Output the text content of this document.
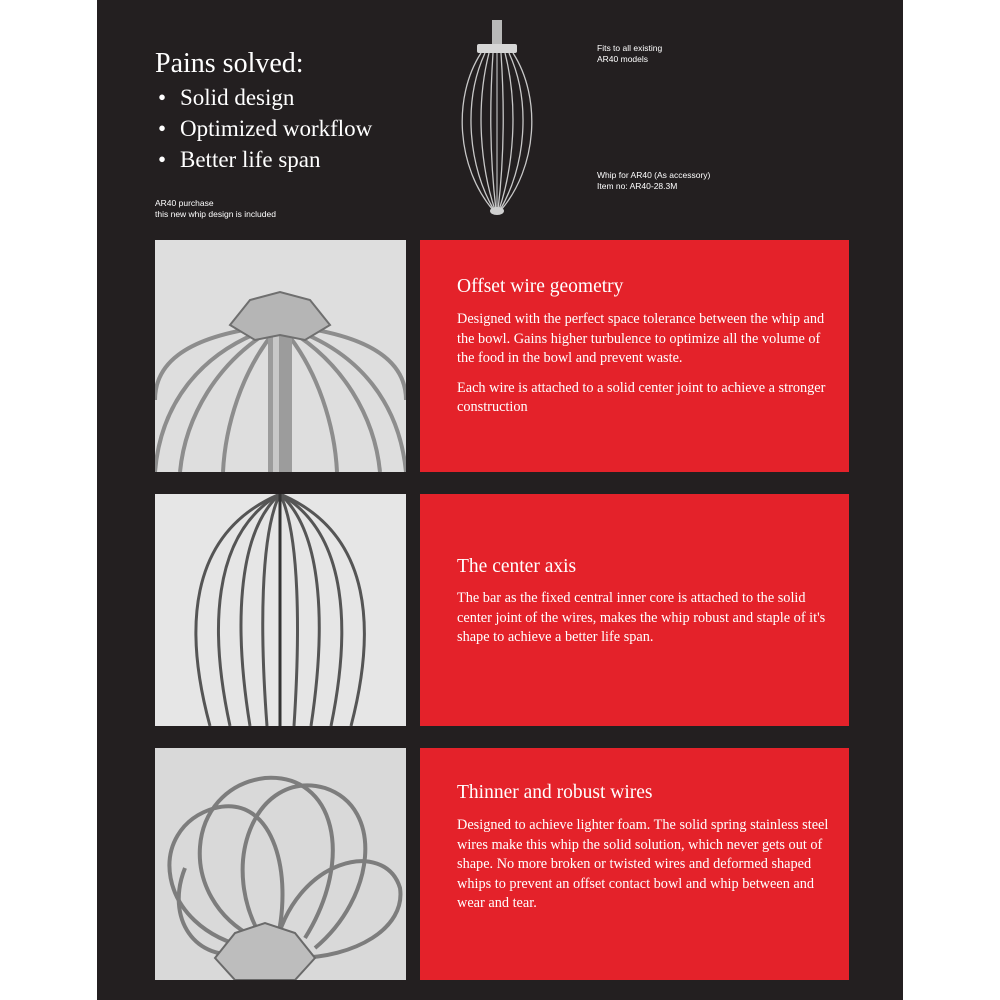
Pains solved:
• Solid design
• Optimized workflow
• Better life span
AR40 purchase
this new whip design is included
Fits to all existing
AR40 models
Whip for AR40 (As accessory)
Item no: AR40-28.3M
Offset wire geometry

Designed with the perfect space tolerance between the whip and the bowl. Gains higher turbulence to optimize all the volume of the food in the bowl and prevent waste.

Each wire is attached to a solid center joint to achieve a stronger construction

The center axis

The bar as the fixed central inner core is attached to the solid center joint of the wires, makes the whip robust and staple of it's shape to achieve a better life span.

Thinner and robust wires

Designed to achieve lighter foam. The solid spring stainless steel wires make this whip the solid solution, which never gets out of shape. No more broken or twisted wires and deformed shaped whips to prevent an offset contact bowl and whip between and wear and tear.
